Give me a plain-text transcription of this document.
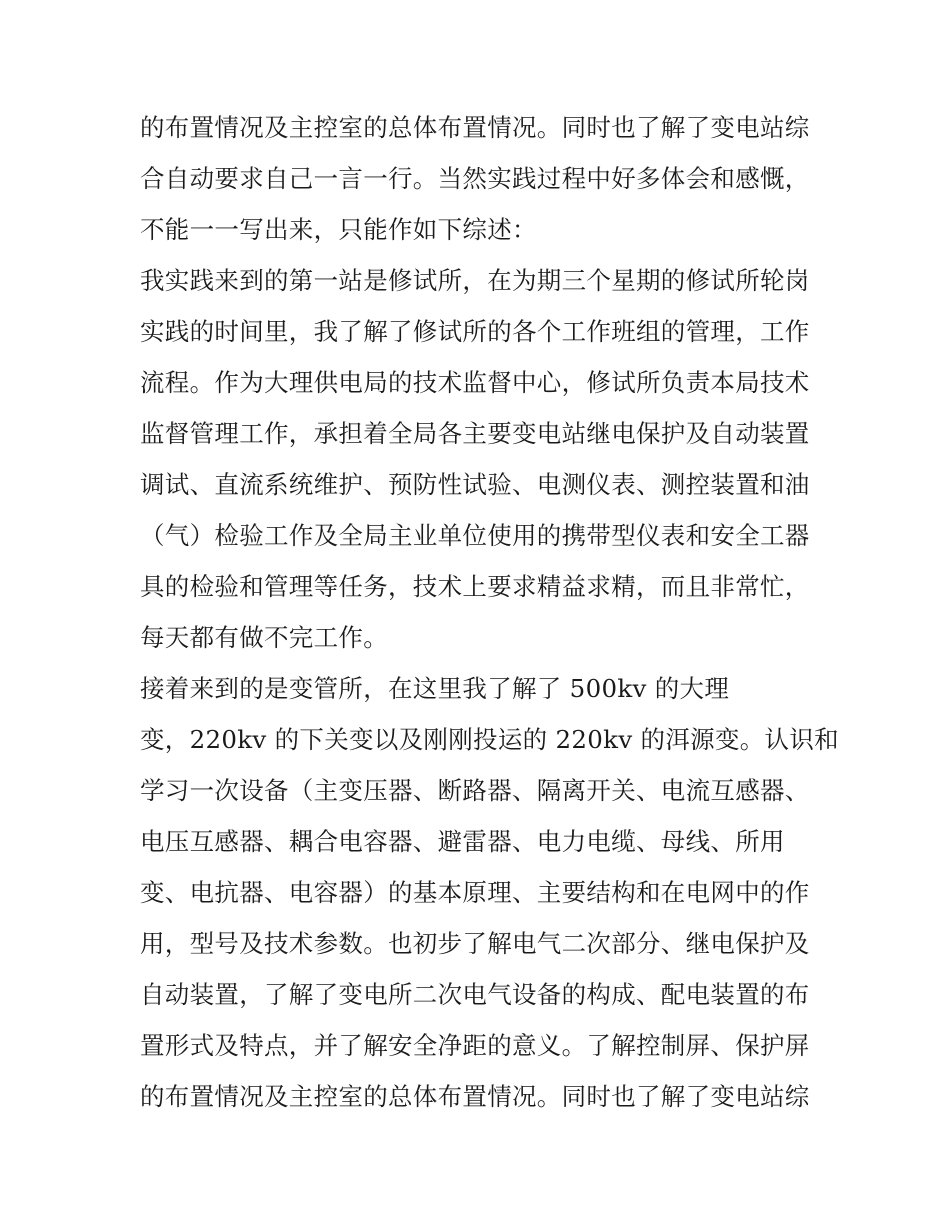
的布置情况及主控室的总体布置情况。同时也了解了变电站综
合自动要求自己一言一行。当然实践过程中好多体会和感慨，
不能一一写出来，只能作如下综述：
我实践来到的第一站是修试所，在为期三个星期的修试所轮岗
实践的时间里，我了解了修试所的各个工作班组的管理，工作
流程。作为大理供电局的技术监督中心，修试所负责本局技术
监督管理工作，承担着全局各主要变电站继电保护及自动装置
调试、直流系统维护、预防性试验、电测仪表、测控装置和油
（气）检验工作及全局主业单位使用的携带型仪表和安全工器
具的检验和管理等任务，技术上要求精益求精，而且非常忙，
每天都有做不完工作。
接着来到的是变管所，在这里我了解了 500kv 的大理
变，220kv 的下关变以及刚刚投运的 220kv 的洱源变。认识和
学习一次设备（主变压器、断路器、隔离开关、电流互感器、
电压互感器、耦合电容器、避雷器、电力电缆、母线、所用
变、电抗器、电容器）的基本原理、主要结构和在电网中的作
用，型号及技术参数。也初步了解电气二次部分、继电保护及
自动装置，了解了变电所二次电气设备的构成、配电装置的布
置形式及特点，并了解安全净距的意义。了解控制屏、保护屏
的布置情况及主控室的总体布置情况。同时也了解了变电站综
